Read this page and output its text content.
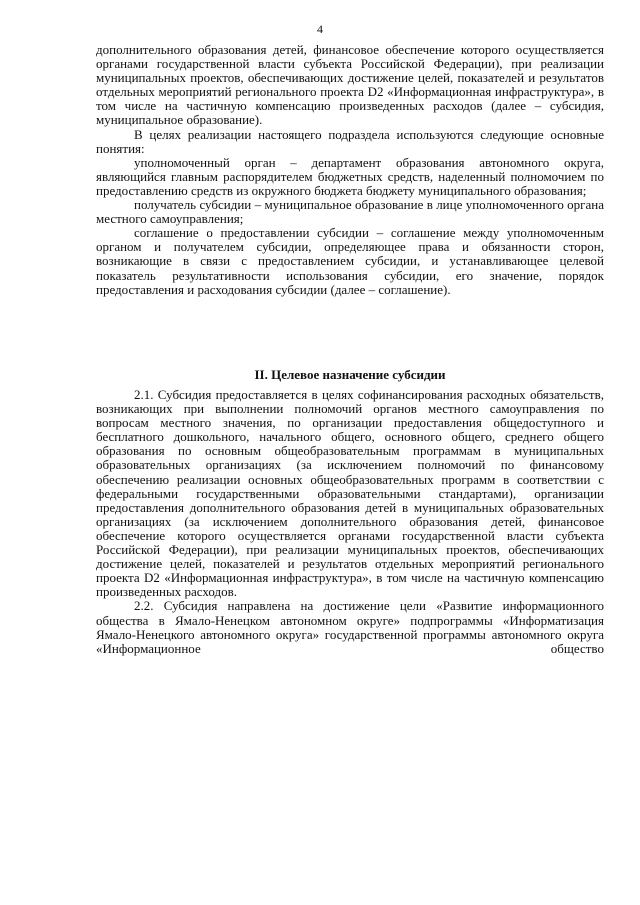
4

дополнительного образования детей, финансовое обеспечение которого осуществляется органами государственной власти субъекта Российской Федерации), при реализации муниципальных проектов, обеспечивающих достижение целей, показателей и результатов отдельных мероприятий регионального проекта D2 «Информационная инфраструктура», в том числе на частичную компенсацию произведенных расходов (далее – субсидия, муниципальное образование).

В целях реализации настоящего подраздела используются следующие основные понятия:

уполномоченный орган – департамент образования автономного округа, являющийся главным распорядителем бюджетных средств, наделенный полномочием по предоставлению средств из окружного бюджета бюджету муниципального образования;

получатель субсидии – муниципальное образование в лице уполномоченного органа местного самоуправления;

соглашение о предоставлении субсидии – соглашение между уполномоченным органом и получателем субсидии, определяющее права и обязанности сторон, возникающие в связи с предоставлением субсидии, и устанавливающее целевой показатель результативности использования субсидии, его значение, порядок предоставления и расходования субсидии (далее – соглашение).

II. Целевое назначение субсидии

2.1. Субсидия предоставляется в целях софинансирования расходных обязательств, возникающих при выполнении полномочий органов местного самоуправления по вопросам местного значения, по организации предоставления общедоступного и бесплатного дошкольного, начального общего, основного общего, среднего общего образования по основным общеобразовательным программам в муниципальных образовательных организациях (за исключением полномочий по финансовому обеспечению реализации основных общеобразовательных программ в соответствии с федеральными государственными образовательными стандартами), организации предоставления дополнительного образования детей в муниципальных образовательных организациях (за исключением дополнительного образования детей, финансовое обеспечение которого осуществляется органами государственной власти субъекта Российской Федерации), при реализации муниципальных проектов, обеспечивающих достижение целей, показателей и результатов отдельных мероприятий регионального проекта D2 «Информационная инфраструктура», в том числе на частичную компенсацию произведенных расходов.

2.2. Субсидия направлена на достижение цели «Развитие информационного общества в Ямало-Ненецком автономном округе» подпрограммы «Информатизация Ямало-Ненецкого автономного округа» государственной программы автономного округа «Информационное общество
